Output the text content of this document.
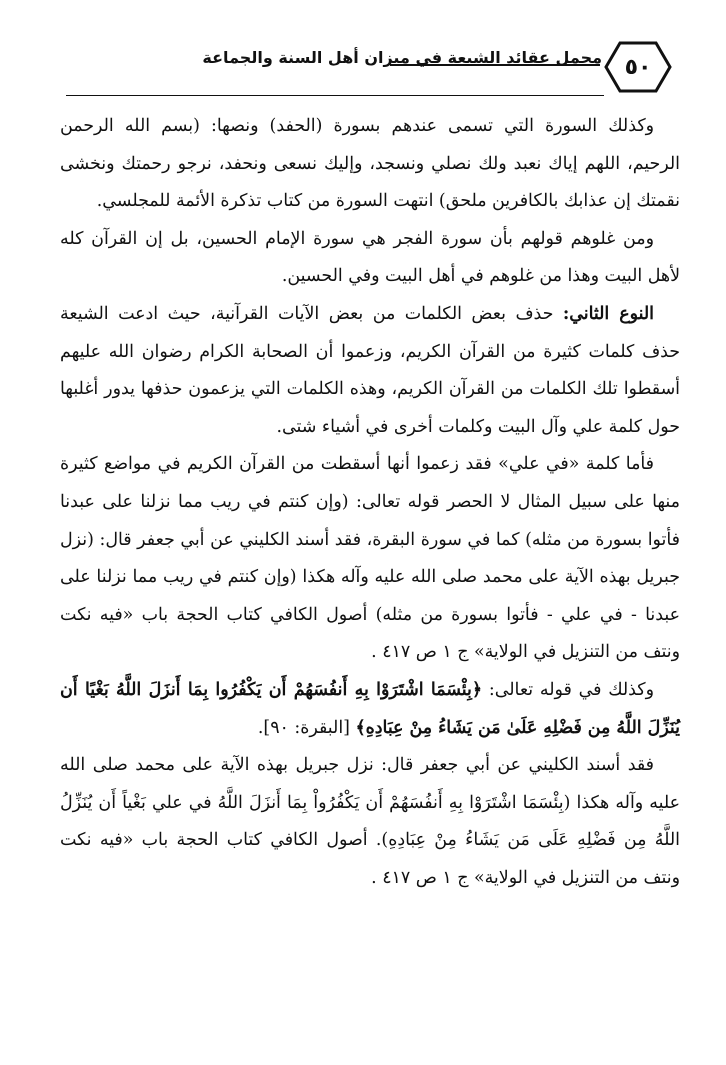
٥٠
مجمل عقائد الشيعة في ميزان أهل السنة والجماعة

وكذلك السورة التي تسمى عندهم بسورة (الحفد) ونصها: (بسم الله الرحمن الرحيم، اللهم إياك نعبد ولك نصلي ونسجد، وإليك نسعى ونحفد، نرجو رحمتك ونخشى نقمتك إن عذابك بالكافرين ملحق) انتهت السورة من كتاب تذكرة الأئمة للمجلسي.

ومن غلوهم قولهم بأن سورة الفجر هي سورة الإمام الحسين، بل إن القرآن كله لأهل البيت وهذا من غلوهم في أهل البيت وفي الحسين.

النوع الثاني: حذف بعض الكلمات من بعض الآيات القرآنية، حيث ادعت الشيعة حذف كلمات كثيرة من القرآن الكريم، وزعموا أن الصحابة الكرام رضوان الله عليهم أسقطوا تلك الكلمات من القرآن الكريم، وهذه الكلمات التي يزعمون حذفها يدور أغلبها حول كلمة علي وآل البيت وكلمات أخرى في أشياء شتى.

فأما كلمة «في علي» فقد زعموا أنها أسقطت من القرآن الكريم في مواضع كثيرة منها على سبيل المثال لا الحصر قوله تعالى: (وإن كنتم في ريب مما نزلنا على عبدنا فأتوا بسورة من مثله) كما في سورة البقرة، فقد أسند الكليني عن أبي جعفر قال: (نزل جبريل بهذه الآية على محمد صلى الله عليه وآله هكذا (وإن كنتم في ريب مما نزلنا على عبدنا - في علي - فأتوا بسورة من مثله) أصول الكافي كتاب الحجة باب «فيه نكت ونتف من التنزيل في الولاية» ج ١ ص ٤١٧ .

وكذلك في قوله تعالى: ﴿بِئْسَمَا اشْتَرَوْا بِهِ أَنفُسَهُمْ أَن يَكْفُرُوا بِمَا أَنزَلَ اللَّهُ بَغْيًا أَن يُنَزِّلَ اللَّهُ مِن فَضْلِهِ عَلَىٰ مَن يَشَاءُ مِنْ عِبَادِهِ﴾ [البقرة: ٩٠].

فقد أسند الكليني عن أبي جعفر قال: نزل جبريل بهذه الآية على محمد صلى الله عليه وآله هكذا (بِئْسَمَا اشْتَرَوْا بِهِ أَنفُسَهُمْ أَن يَكْفُرُواْ بِمَا أَنزَلَ اللَّهُ في علي بَغْياً أَن يُنَزِّلُ اللَّهُ مِن فَضْلِهِ عَلَى مَن يَشَاءُ مِنْ عِبَادِهِ). أصول الكافي كتاب الحجة باب «فيه نكت ونتف من التنزيل في الولاية» ج ١ ص ٤١٧ .
